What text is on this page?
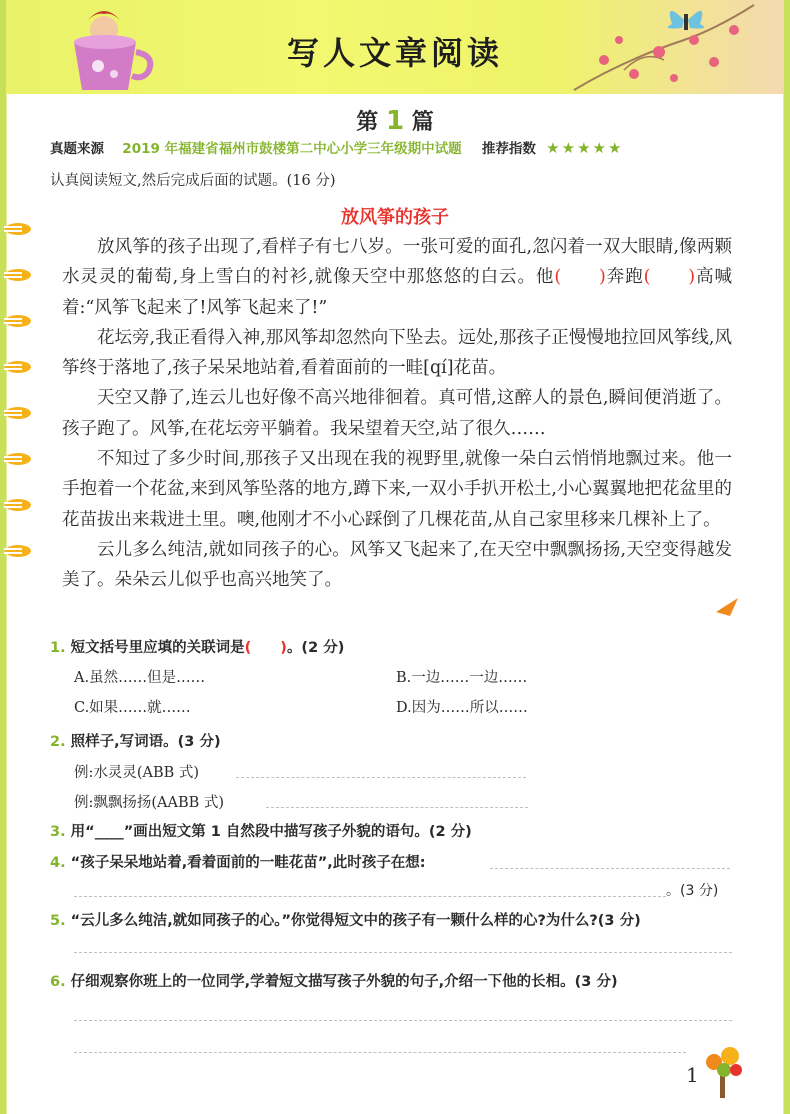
写人文章阅读
第 1 篇
真题来源 2019 年福建省福州市鼓楼第二中心小学三年级期中试题 推荐指数 ★★★★★
认真阅读短文,然后完成后面的试题。(16 分)
放风筝的孩子

放风筝的孩子出现了,看样子有七八岁。一张可爱的面孔,忽闪着一双大眼睛,像两颗水灵灵的葡萄,身上雪白的衬衫,就像天空中那悠悠的白云。他(　　)奔跑(　　)高喊着:“风筝飞起来了!风筝飞起来了!”

花坛旁,我正看得入神,那风筝却忽然向下坠去。远处,那孩子正慢慢地拉回风筝线,风筝终于落地了,孩子呆呆地站着,看着面前的一畦[qí]花苗。

天空又静了,连云儿也好像不高兴地徘徊着。真可惜,这醉人的景色,瞬间便消逝了。孩子跑了。风筝,在花坛旁平躺着。我呆望着天空,站了很久……

不知过了多少时间,那孩子又出现在我的视野里,就像一朵白云悄悄地飘过来。他一手抱着一个花盆,来到风筝坠落的地方,蹲下来,一双小手扒开松土,小心翼翼地把花盆里的花苗拔出来栽进土里。噢,他刚才不小心踩倒了几棵花苗,从自己家里移来几棵补上了。

云儿多么纯洁,就如同孩子的心。风筝又飞起来了,在天空中飘飘扬扬,天空变得越发美了。朵朵云儿似乎也高兴地笑了。

1. 短文括号里应填的关联词是(　　)。(2 分)
A.虽然……但是……	B.一边……一边……
C.如果……就……	D.因为……所以……
2. 照样子,写词语。(3 分)
例:水灵灵(ABB 式)
例:飘飘扬扬(AABB 式)
3. 用“____”画出短文第 1 自然段中描写孩子外貌的语句。(2 分)
4. “孩子呆呆地站着,看着面前的一畦花苗”,此时孩子在想:
。(3 分)
5. “云儿多么纯洁,就如同孩子的心。”你觉得短文中的孩子有一颗什么样的心?为什么?(3 分)
6. 仔细观察你班上的一位同学,学着短文描写孩子外貌的句子,介绍一下他的长相。(3 分)
1
